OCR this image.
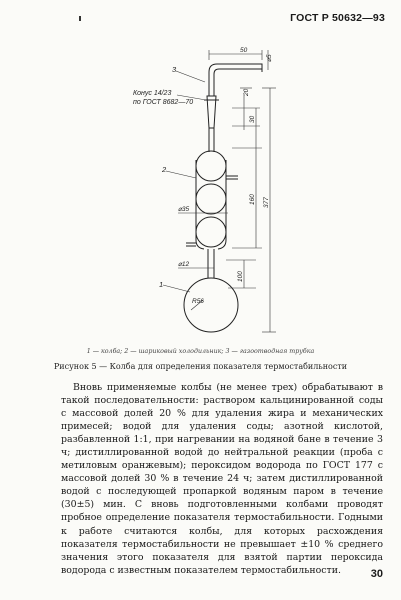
ГОСТ Р 50632—93
3
2
1
Конус 14/23
по ГОСТ 8682—70
50
⌀5
20
30
160 377
⌀35
⌀12
100
R56
1 — колба; 2 — шариковый холодильник; 3 — газоотводная трубка
Рисунок 5 — Колба для определения показателя термостабильности

Вновь применяемые колбы (не менее трех) обрабатывают в такой последовательности: раствором кальцинированной соды с массовой долей 20 % для удаления жира и механических примесей; водой для удаления соды; азотной кислотой, разбавленной 1:1, при нагревании на водяной бане в течение 3 ч; дистиллированной водой до нейтральной реакции (проба с метиловым оранжевым); пероксидом водорода по ГОСТ 177 с массовой долей 30 % в течение 24 ч; затем дистиллированной водой с последующей пропаркой водяным паром в течение (30±5) мин. С вновь подготовленными колбами проводят пробное определение показателя термостабильности. Годными к работе считаются колбы, для которых расхождения показателя термостабильности не превышает ±10 % среднего значения этого показателя для взятой партии пероксида водорода с известным показателем термостабильности.	30
